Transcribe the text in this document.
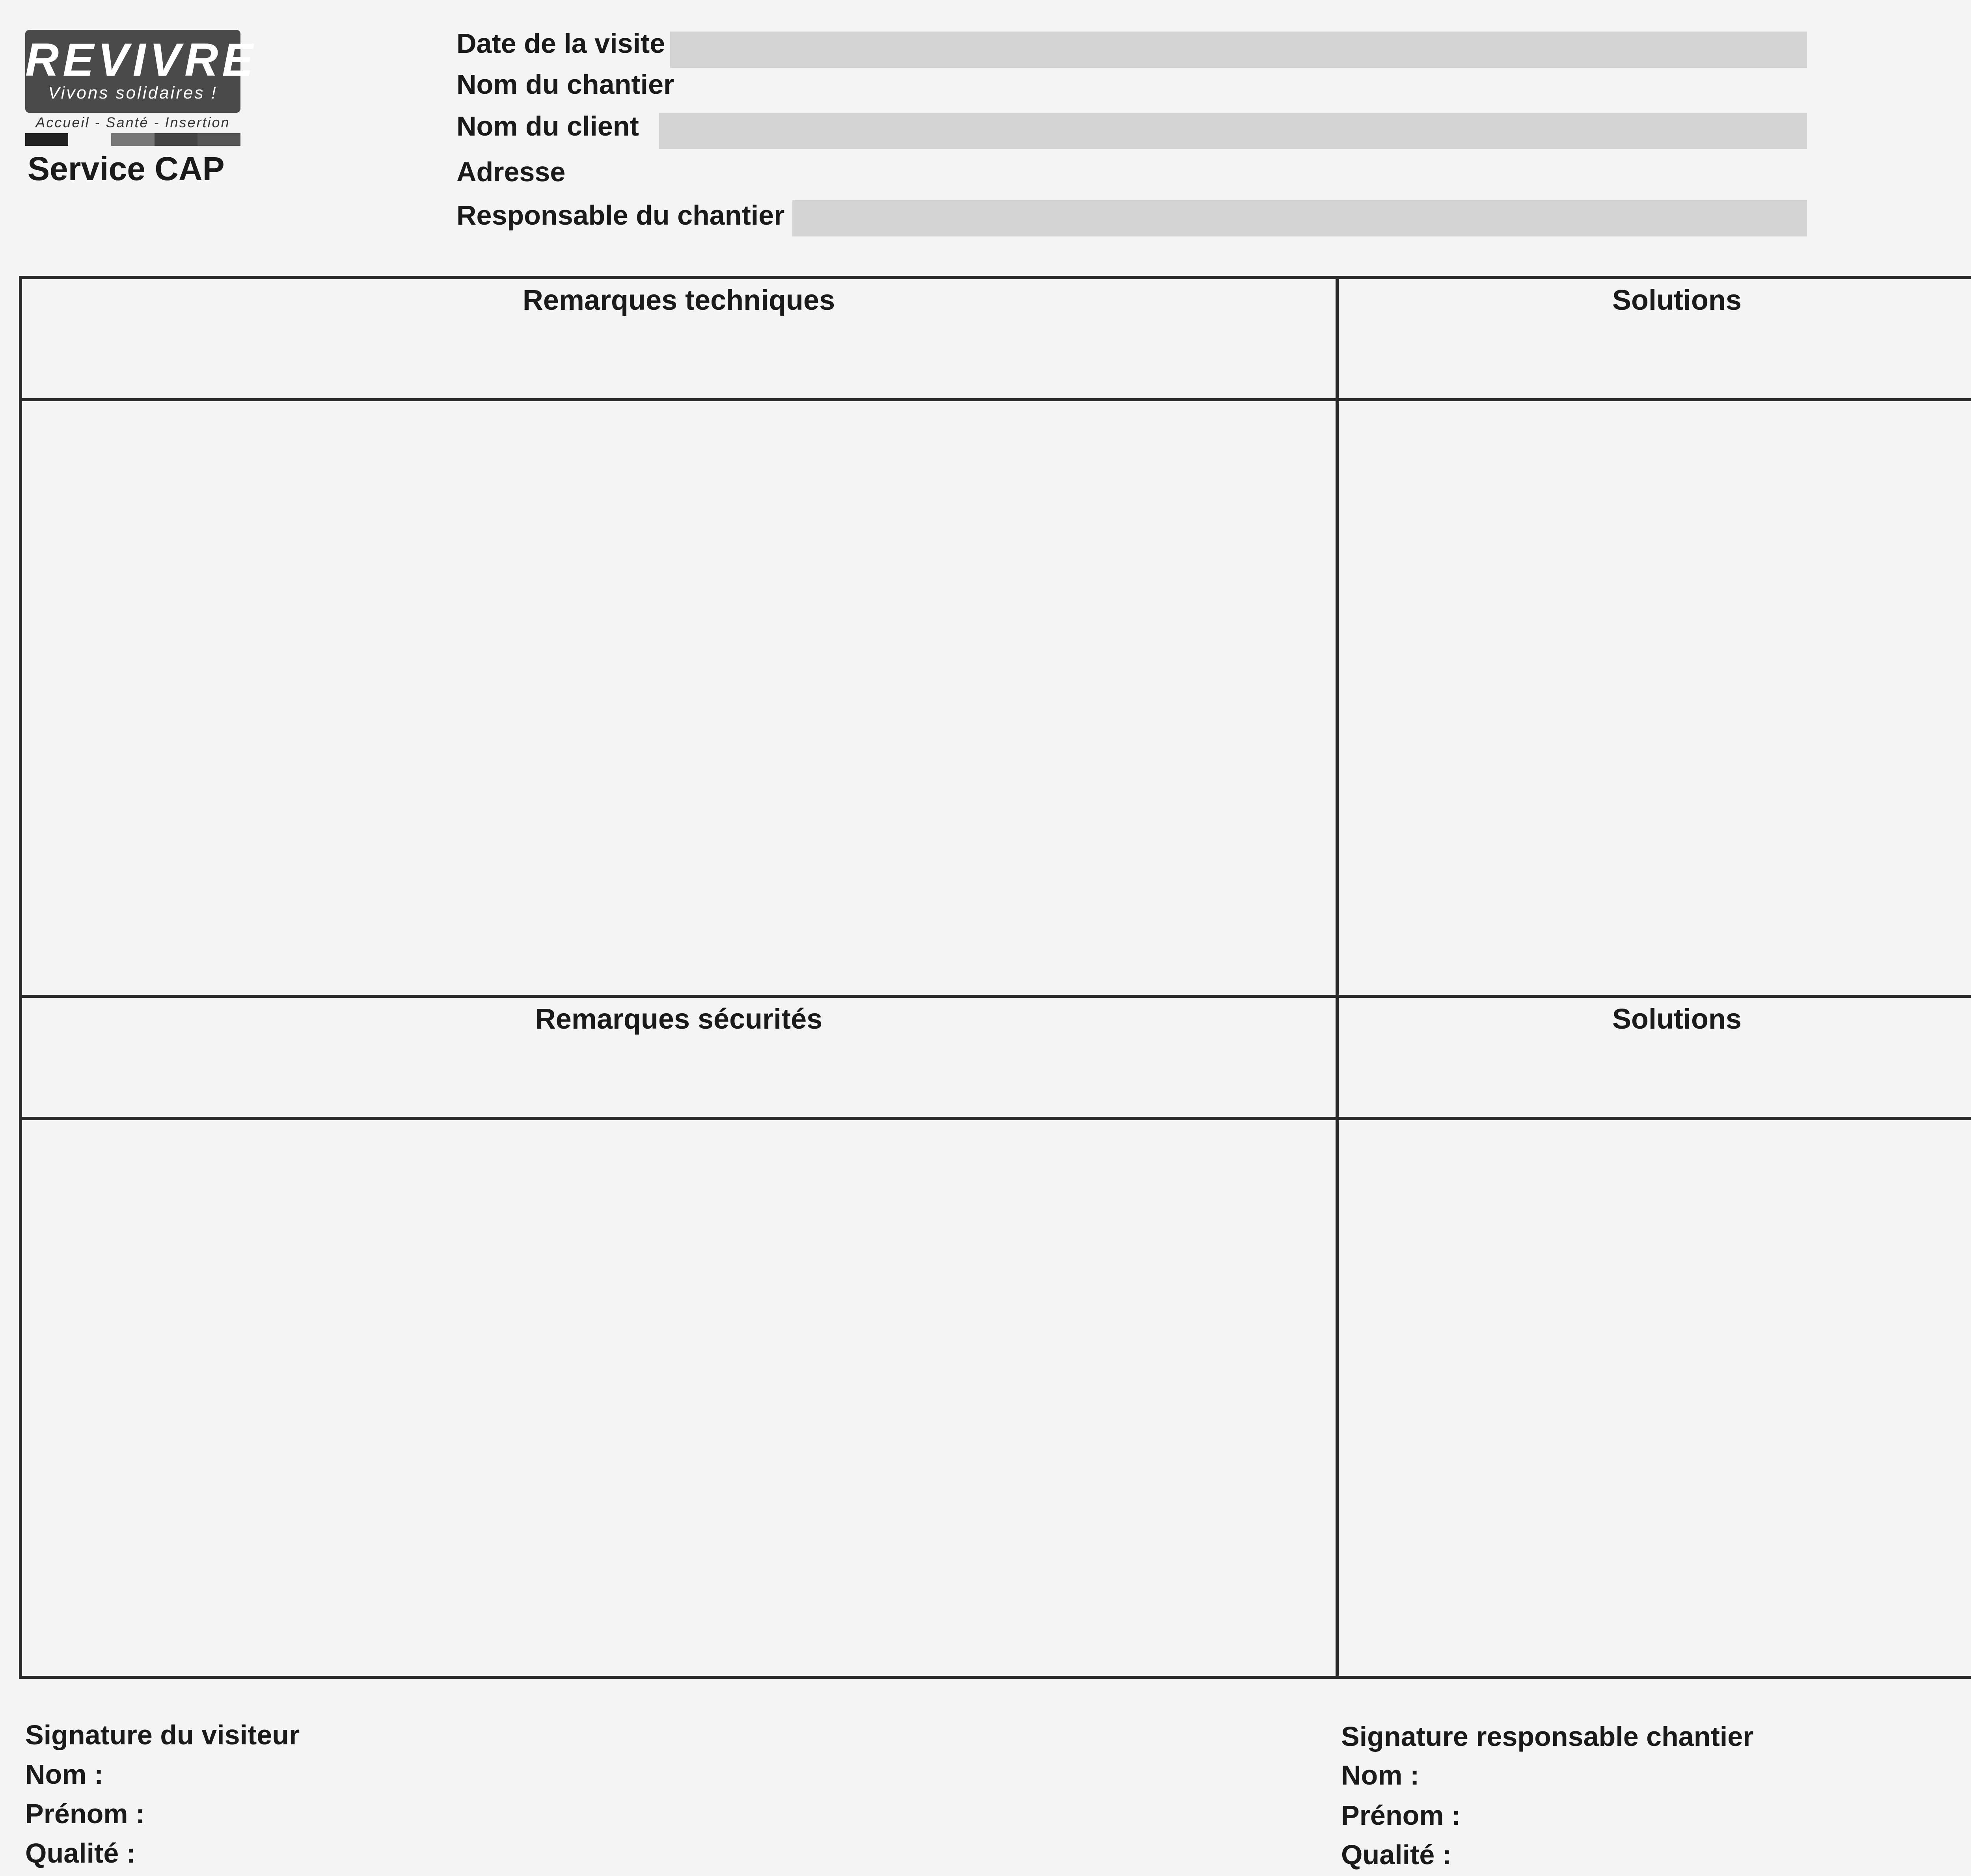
REVIVRE
Vivons solidaires !
Accueil - Santé - Insertion
Service CAP
Date de la visite
Nom du chantier
Nom du client
Adresse
Responsable du chantier
Remarques techniques	Solutions
Remarques sécurités	Solutions
Signature du visiteur
Nom :
Prénom :
Qualité :
Signature responsable chantier
Nom :
Prénom :
Qualité :
